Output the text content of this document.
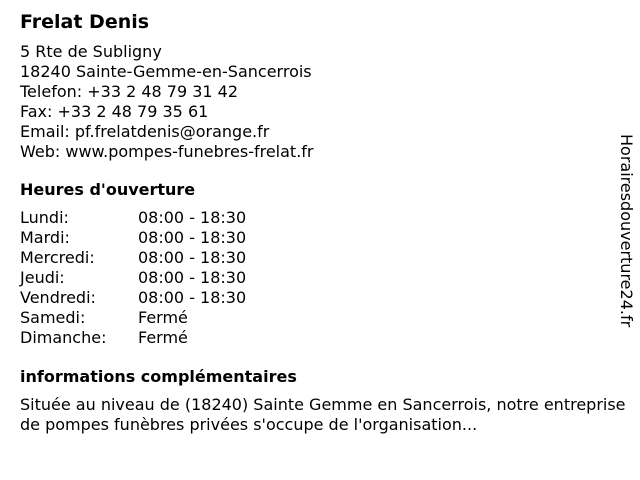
Frelat Denis
5 Rte de Subligny
18240 Sainte-Gemme-en-Sancerrois
Telefon: +33 2 48 79 31 42
Fax: +33 2 48 79 35 61
Email: pf.frelatdenis@orange.fr
Web: www.pompes-funebres-frelat.fr
Heures d'ouverture
Lundi:	08:00 - 18:30
Mardi:	08:00 - 18:30
Mercredi:	08:00 - 18:30
Jeudi:	08:00 - 18:30
Vendredi:	08:00 - 18:30
Samedi:	Fermé
Dimanche:	Fermé
informations complémentaires
Située au niveau de (18240) Sainte Gemme en Sancerrois, notre entreprise de pompes funèbres privées s'occupe de l'organisation...
Horairesdouverture24.fr
